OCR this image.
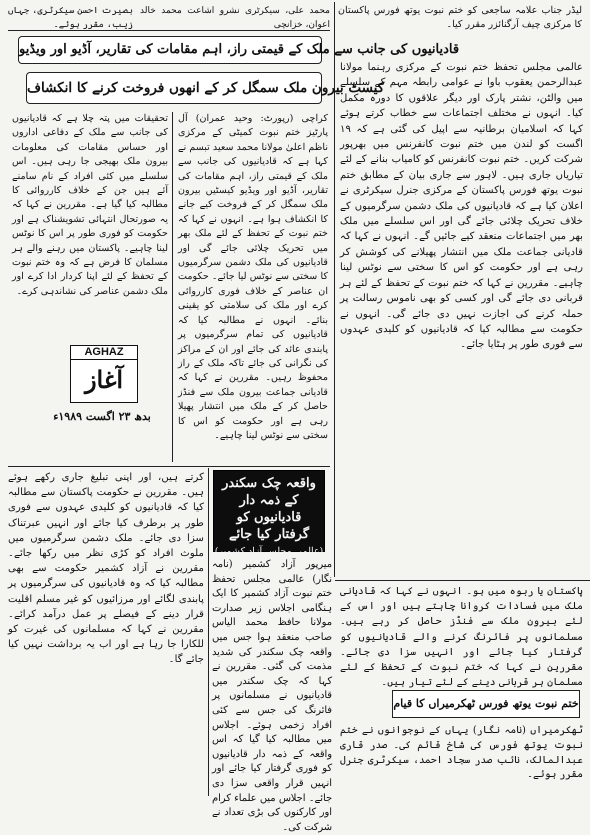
بصیرت احسن سیکرٹری، جہاں زیب، مقرر ہوئے۔
محمد علی، سیکرٹری نشرو اشاعت محمد خالد اعوان، خزانچی
لیڈر جناب علامہ ساجعی کو ختم نبوت یوتھ فورس پاکستان کا مرکزی چیف آرگنائزر مقرر کیا۔
قادیانیوں کی جانب سے ملک کے قیمتی راز، اہم مقامات کی تقاریر، آڈیو اور ویڈیو
کیسٹ بیرون ملک سمگل کر کے انھوں فروخت کرنے کا انکشاف
کراچی (رپورٹ: وحید عمران) آل پارٹیز ختم نبوت کمیٹی کے مرکزی ناظم اعلیٰ مولانا محمد سعید تبسم نے کہا ہے کہ قادیانیوں کی جانب سے ملک کے قیمتی راز، اہم مقامات کی تقاریر، آڈیو اور ویڈیو کیسٹیں بیرون ملک سمگل کر کے فروخت کیے جانے کا انکشاف ہوا ہے۔ انہوں نے کہا کہ ختم نبوت کے تحفظ کے لئے ملک بھر میں تحریک چلائی جائے گی اور قادیانیوں کی ملک دشمن سرگرمیوں کا سختی سے نوٹس لیا جائے۔ حکومت ان عناصر کے خلاف فوری کارروائی کرے اور ملک کی سلامتی کو یقینی بنائے۔ انہوں نے مطالبہ کیا کہ قادیانیوں کی تمام سرگرمیوں پر پابندی عائد کی جائے اور ان کے مراکز کی نگرانی کی جائے تاکہ ملک کے راز محفوظ رہیں۔ مقررین نے کہا کہ قادیانی جماعت بیرون ملک سے فنڈز حاصل کر کے ملک میں انتشار پھیلا رہی ہے اور حکومت کو اس کا سختی سے نوٹس لینا چاہیے۔
تحقیقات میں پتہ چلا ہے کہ قادیانیوں کی جانب سے ملک کے دفاعی اداروں اور حساس مقامات کی معلومات بیرون ملک بھیجی جا رہی ہیں۔ اس سلسلے میں کئی افراد کے نام سامنے آئے ہیں جن کے خلاف کارروائی کا مطالبہ کیا گیا ہے۔ مقررین نے کہا کہ یہ صورتحال انتہائی تشویشناک ہے اور حکومت کو فوری طور پر اس کا نوٹس لینا چاہیے۔ پاکستان میں رہنے والے ہر مسلمان کا فرض ہے کہ وہ ختم نبوت کے تحفظ کے لئے اپنا کردار ادا کرے اور ملک دشمن عناصر کی نشاندہی کرے۔
AGHAZ
آغاز
بدھ ۲۳ اگست ۱۹۸۹ء
عالمی مجلس تحفظ ختم نبوت کے مرکزی رہنما مولانا عبدالرحمن یعقوب باوا نے عوامی رابطہ مہم کے سلسلے میں والٹن، نشتر پارک اور دیگر علاقوں کا دورہ مکمل کیا۔ انہوں نے مختلف اجتماعات سے خطاب کرتے ہوئے کہا کہ اسلامیان برطانیہ سے اپیل کی گئی ہے کہ ۱۹ اگست کو لندن میں ختم نبوت کانفرنس میں بھرپور شرکت کریں۔ ختم نبوت کانفرنس کو کامیاب بنانے کے لئے تیاریاں جاری ہیں۔ لاہور سے جاری بیان کے مطابق ختم نبوت یوتھ فورس پاکستان کے مرکزی جنرل سیکرٹری نے اعلان کیا ہے کہ قادیانیوں کی ملک دشمن سرگرمیوں کے خلاف تحریک چلائی جائے گی اور اس سلسلے میں ملک بھر میں اجتماعات منعقد کیے جائیں گے۔ انہوں نے کہا کہ قادیانی جماعت ملک میں انتشار پھیلانے کی کوشش کر رہی ہے اور حکومت کو اس کا سختی سے نوٹس لینا چاہیے۔ مقررین نے کہا کہ ختم نبوت کے تحفظ کے لئے ہر قربانی دی جائے گی اور کسی کو بھی ناموس رسالت پر حملہ کرنے کی اجازت نہیں دی جائے گی۔ انہوں نے حکومت سے مطالبہ کیا کہ قادیانیوں کو کلیدی عہدوں سے فوری طور پر ہٹایا جائے۔
کرتے ہیں، اور اپنی تبلیغ جاری رکھے ہوئے ہیں۔ مقررین نے حکومت پاکستان سے مطالبہ کیا کہ قادیانیوں کو کلیدی عہدوں سے فوری طور پر برطرف کیا جائے اور انہیں عبرتناک سزا دی جائے۔ ملک دشمن سرگرمیوں میں ملوث افراد کو کڑی نظر میں رکھا جائے۔ مقررین نے آزاد کشمیر حکومت سے بھی مطالبہ کیا کہ وہ قادیانیوں کی سرگرمیوں پر پابندی لگائے اور مرزائیوں کو غیر مسلم اقلیت قرار دینے کے فیصلے پر عمل درآمد کرائے۔ مقررین نے کہا کہ مسلمانوں کی غیرت کو للکارا جا رہا ہے اور اب یہ برداشت نہیں کیا جائے گا۔
واقعہ چک سکندر کے ذمہ دار قادیانیوں کو گرفتار کیا جائے
(عالمی مجلس آزاد کشمیر)
میرپور آزاد کشمیر (نامہ نگار) عالمی مجلس تحفظ ختم نبوت آزاد کشمیر کا ایک ہنگامی اجلاس زیر صدارت مولانا حافظ محمد الیاس صاحب منعقد ہوا جس میں واقعہ چک سکندر کی شدید مذمت کی گئی۔ مقررین نے کہا کہ چک سکندر میں قادیانیوں نے مسلمانوں پر فائرنگ کی جس سے کئی افراد زخمی ہوئے۔ اجلاس میں مطالبہ کیا گیا کہ اس واقعہ کے ذمہ دار قادیانیوں کو فوری گرفتار کیا جائے اور انہیں قرار واقعی سزا دی جائے۔ اجلاس میں علماء کرام اور کارکنوں کی بڑی تعداد نے شرکت کی۔
پاکستان یا ربوہ میں ہو۔ انہوں نے کہا کہ قادیانی ملک میں فسادات کروانا چاہتے ہیں اور اس کے لئے بیرون ملک سے فنڈز حاصل کر رہے ہیں۔ مسلمانوں پر فائرنگ کرنے والے قادیانیوں کو گرفتار کیا جائے اور انہیں سزا دی جائے۔ مقررین نے کہا کہ ختم نبوت کے تحفظ کے لئے مسلمان ہر قربانی دینے کے لئے تیار ہیں۔
ختم نبوت یوتھ فورس ٹھکرمیراں کا قیام
ٹھکرمیراں (نامہ نگار) یہاں کے نوجوانوں نے ختم نبوت یوتھ فورس کی شاخ قائم کی۔ صدر قاری عبدالمالک، نائب صدر سجاد احمد، سیکرٹری جنرل مقرر ہوئے۔
